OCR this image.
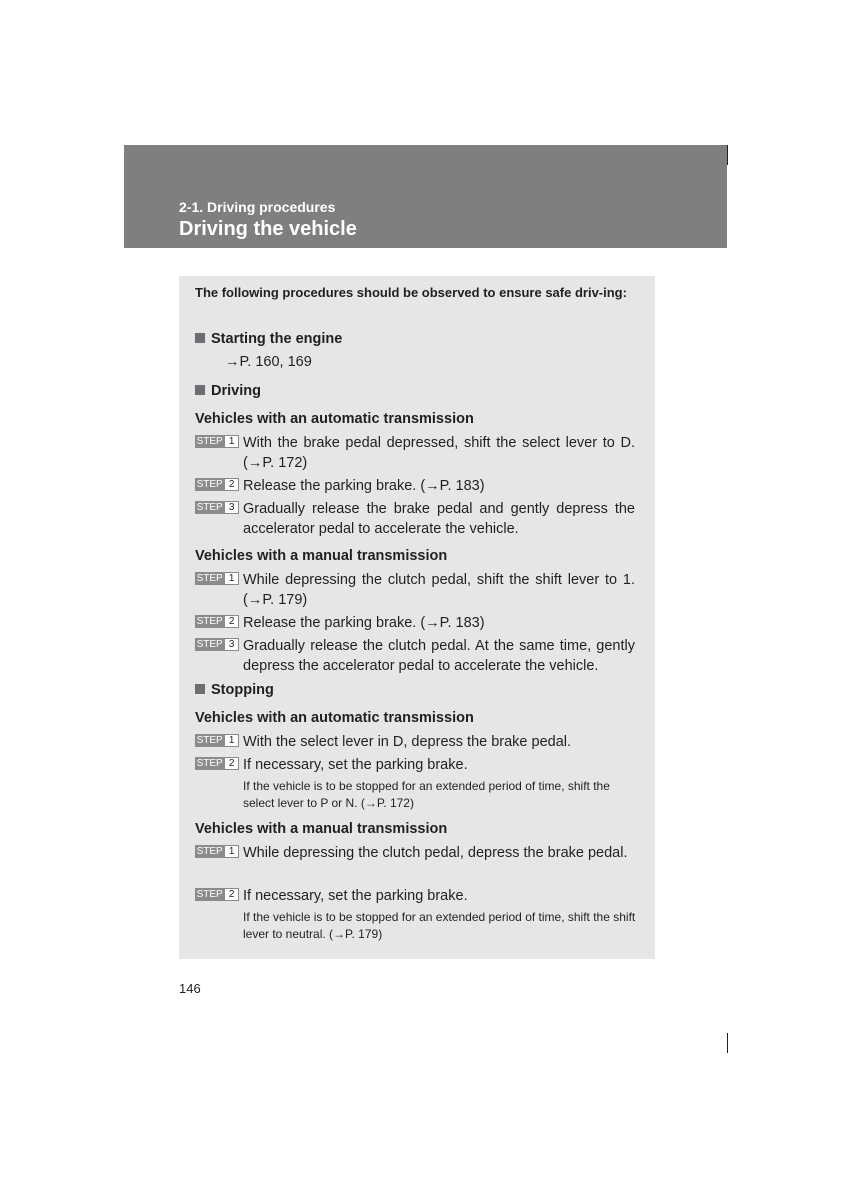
2-1. Driving procedures
Driving the vehicle
The following procedures should be observed to ensure safe driv-ing:
Starting the engine
→P. 160, 169
Driving
Vehicles with an automatic transmission
STEP 1 With the brake pedal depressed, shift the select lever to D. (→P. 172)
STEP 2 Release the parking brake. (→P. 183)
STEP 3 Gradually release the brake pedal and gently depress the accelerator pedal to accelerate the vehicle.
Vehicles with a manual transmission
STEP 1 While depressing the clutch pedal, shift the shift lever to 1. (→P. 179)
STEP 2 Release the parking brake. (→P. 183)
STEP 3 Gradually release the clutch pedal. At the same time, gently depress the accelerator pedal to accelerate the vehicle.
Stopping
Vehicles with an automatic transmission
STEP 1 With the select lever in D, depress the brake pedal.
STEP 2 If necessary, set the parking brake.
If the vehicle is to be stopped for an extended period of time, shift the select lever to P or N. (→P. 172)
Vehicles with a manual transmission
STEP 1 While depressing the clutch pedal, depress the brake pedal.
STEP 2 If necessary, set the parking brake.
If the vehicle is to be stopped for an extended period of time, shift the shift lever to neutral. (→P. 179)
146
